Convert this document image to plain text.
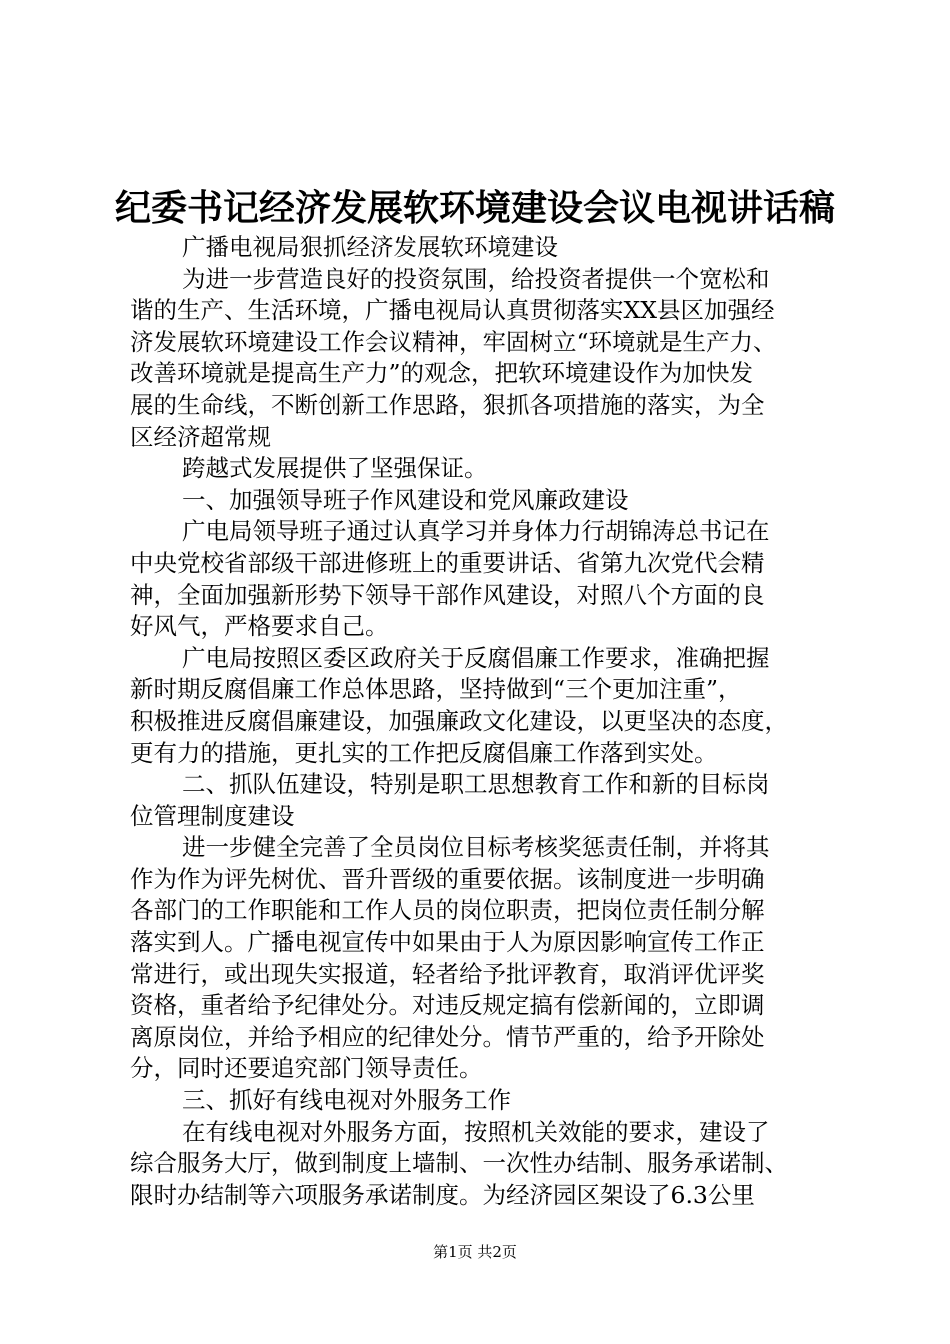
纪委书记经济发展软环境建设会议电视讲话稿
广播电视局狠抓经济发展软环境建设
为进一步营造良好的投资氛围，给投资者提供一个宽松和
谐的生产、生活环境，广播电视局认真贯彻落实XX县区加强经
济发展软环境建设工作会议精神，牢固树立“环境就是生产力、
改善环境就是提高生产力”的观念，把软环境建设作为加快发
展的生命线，不断创新工作思路，狠抓各项措施的落实，为全
区经济超常规
跨越式发展提供了坚强保证。
一、加强领导班子作风建设和党风廉政建设
广电局领导班子通过认真学习并身体力行胡锦涛总书记在
中央党校省部级干部进修班上的重要讲话、省第九次党代会精
神，全面加强新形势下领导干部作风建设，对照八个方面的良
好风气，严格要求自己。
广电局按照区委区政府关于反腐倡廉工作要求，准确把握
新时期反腐倡廉工作总体思路，坚持做到“三个更加注重”，
积极推进反腐倡廉建设，加强廉政文化建设，以更坚决的态度，
更有力的措施，更扎实的工作把反腐倡廉工作落到实处。
二、抓队伍建设，特别是职工思想教育工作和新的目标岗
位管理制度建设
进一步健全完善了全员岗位目标考核奖惩责任制，并将其
作为作为评先树优、晋升晋级的重要依据。该制度进一步明确
各部门的工作职能和工作人员的岗位职责，把岗位责任制分解
落实到人。广播电视宣传中如果由于人为原因影响宣传工作正
常进行，或出现失实报道，轻者给予批评教育，取消评优评奖
资格，重者给予纪律处分。对违反规定搞有偿新闻的，立即调
离原岗位，并给予相应的纪律处分。情节严重的，给予开除处
分，同时还要追究部门领导责任。
三、抓好有线电视对外服务工作
在有线电视对外服务方面，按照机关效能的要求，建设了
综合服务大厅，做到制度上墙制、一次性办结制、服务承诺制、
限时办结制等六项服务承诺制度。为经济园区架设了6.3公里
第1页 共2页
